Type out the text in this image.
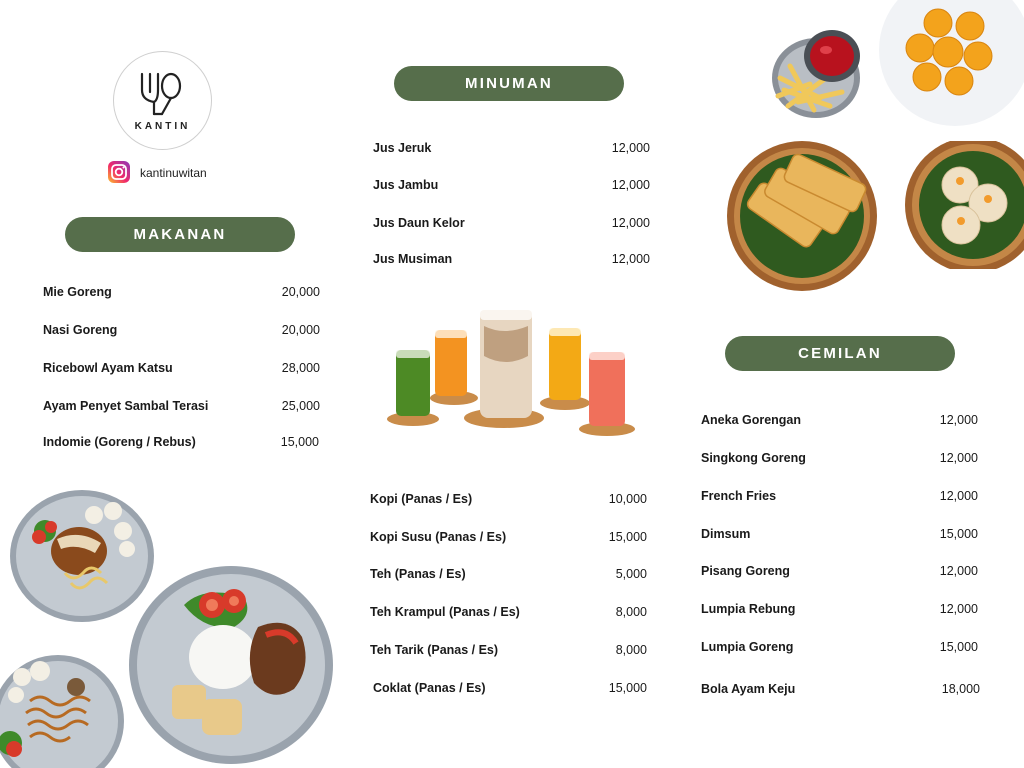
KANTIN
kantinuwitan
MAKANAN
Mie Goreng	20,000
Nasi Goreng	20,000
Ricebowl Ayam Katsu	28,000
Ayam Penyet Sambal Terasi	25,000
Indomie (Goreng / Rebus)	15,000
MINUMAN
Jus Jeruk	12,000
Jus Jambu	12,000
Jus Daun Kelor	12,000
Jus Musiman	12,000
Kopi (Panas / Es)	10,000
Kopi Susu (Panas / Es)	15,000
Teh (Panas / Es)	5,000
Teh Krampul (Panas / Es)	8,000
Teh Tarik (Panas / Es)	8,000
Coklat (Panas / Es)	15,000
CEMILAN
Aneka Gorengan	12,000
Singkong Goreng	12,000
French Fries	12,000
Dimsum	15,000
Pisang Goreng	12,000
Lumpia Rebung	12,000
Lumpia Goreng	15,000
Bola Ayam Keju	18,000
